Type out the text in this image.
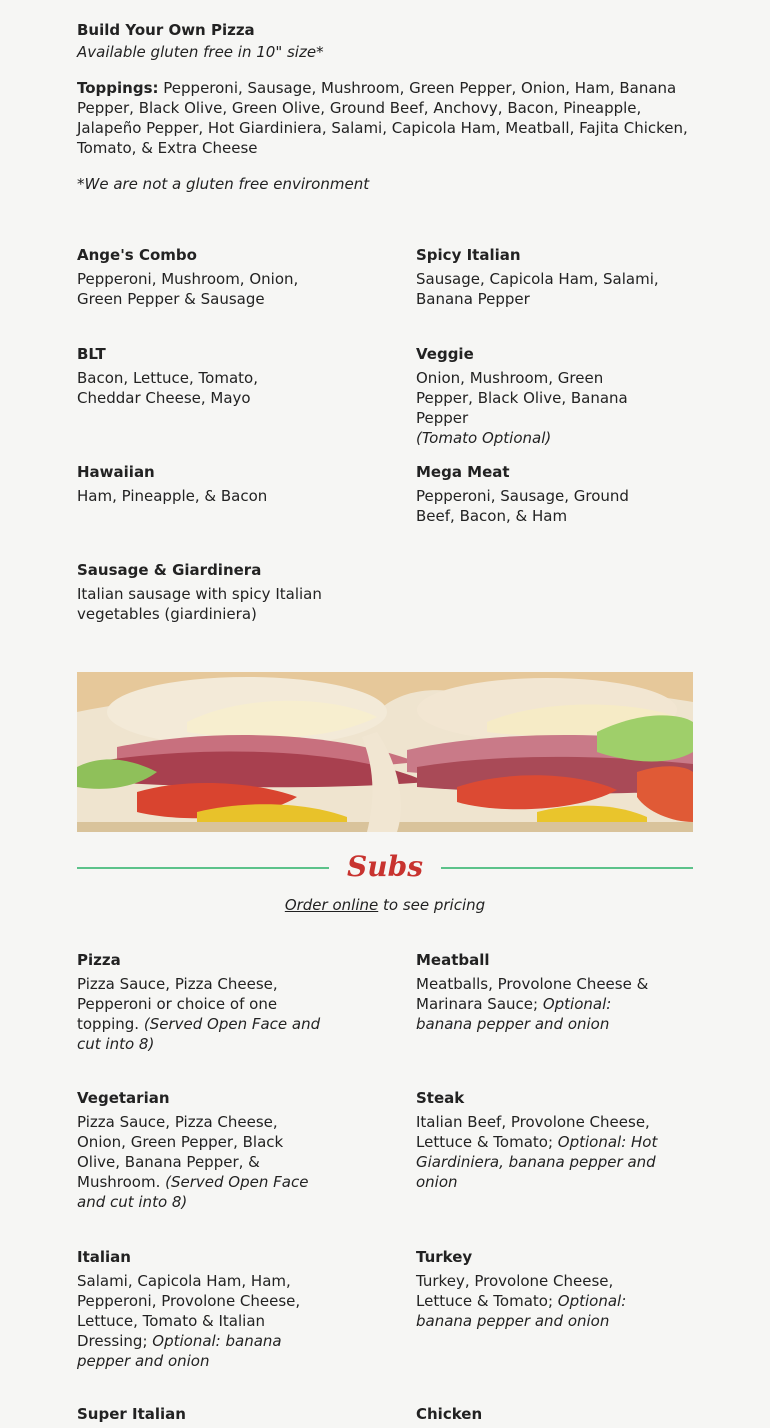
Build Your Own Pizza

Available gluten free in 10" size*

Toppings: Pepperoni, Sausage, Mushroom, Green Pepper, Onion, Ham, Banana Pepper, Black Olive, Green Olive, Ground Beef, Anchovy, Bacon, Pineapple, Jalapeño Pepper, Hot Giardiniera, Salami, Capicola Ham, Meatball, Fajita Chicken, Tomato, & Extra Cheese

*We are not a gluten free environment

Ange's Combo
Pepperoni, Mushroom, Onion, Green Pepper & Sausage
Spicy Italian
Sausage, Capicola Ham, Salami, Banana Pepper
BLT
Bacon, Lettuce, Tomato, Cheddar Cheese, Mayo
Veggie
Onion, Mushroom, Green Pepper, Black Olive, Banana Pepper
(Tomato Optional)
Hawaiian
Ham, Pineapple, & Bacon
Mega Meat
Pepperoni, Sausage, Ground Beef, Bacon, & Ham
Sausage & Giardinera
Italian sausage with spicy Italian vegetables (giardiniera)
Subs

Order online to see pricing

Pizza
Pizza Sauce, Pizza Cheese, Pepperoni or choice of one topping. (Served Open Face and cut into 8)
Meatball
Meatballs, Provolone Cheese & Marinara Sauce; Optional: banana pepper and onion
Vegetarian
Pizza Sauce, Pizza Cheese, Onion, Green Pepper, Black Olive, Banana Pepper, & Mushroom. (Served Open Face and cut into 8)
Steak
Italian Beef, Provolone Cheese, Lettuce & Tomato; Optional: Hot Giardiniera, banana pepper and onion
Italian
Salami, Capicola Ham, Ham, Pepperoni, Provolone Cheese, Lettuce, Tomato & Italian Dressing; Optional: banana pepper and onion
Turkey
Turkey, Provolone Cheese, Lettuce & Tomato; Optional: banana pepper and onion
Super Italian	Chicken
